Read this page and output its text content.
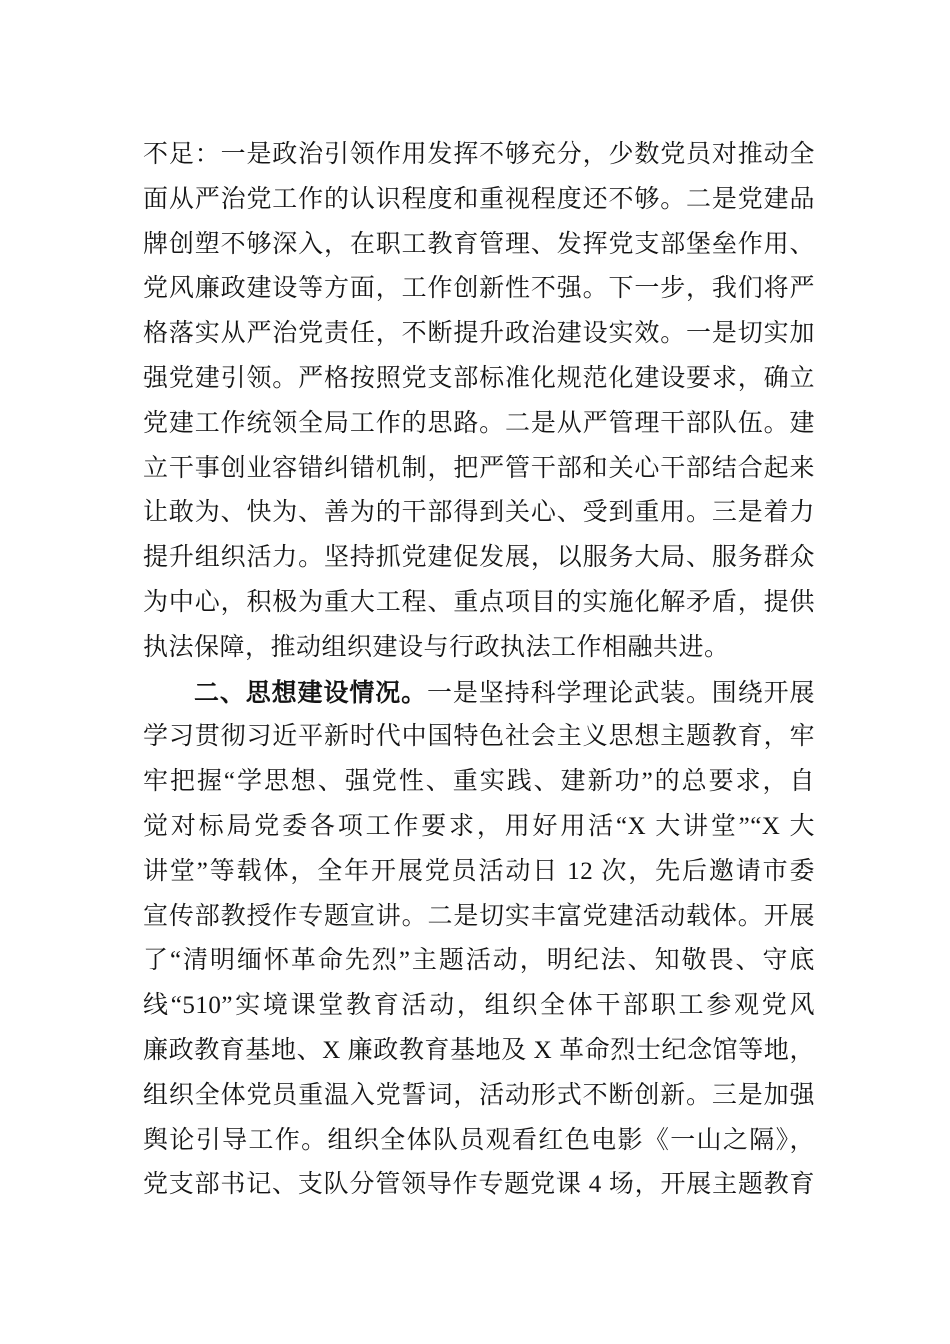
不足：一是政治引领作用发挥不够充分，少数党员对推动全
面从严治党工作的认识程度和重视程度还不够。二是党建品
牌创塑不够深入，在职工教育管理、发挥党支部堡垒作用、
党风廉政建设等方面，工作创新性不强。下一步，我们将严
格落实从严治党责任，不断提升政治建设实效。一是切实加
强党建引领。严格按照党支部标准化规范化建设要求，确立
党建工作统领全局工作的思路。二是从严管理干部队伍。建
立干事创业容错纠错机制，把严管干部和关心干部结合起来
让敢为、快为、善为的干部得到关心、受到重用。三是着力
提升组织活力。坚持抓党建促发展，以服务大局、服务群众
为中心，积极为重大工程、重点项目的实施化解矛盾，提供
执法保障，推动组织建设与行政执法工作相融共进。
二、思想建设情况。一是坚持科学理论武装。围绕开展
学习贯彻习近平新时代中国特色社会主义思想主题教育，牢
牢把握“学思想、强党性、重实践、建新功”的总要求，自
觉对标局党委各项工作要求，用好用活“X 大讲堂”“X 大
讲堂”等载体，全年开展党员活动日 12 次，先后邀请市委
宣传部教授作专题宣讲。二是切实丰富党建活动载体。开展
了“清明缅怀革命先烈”主题活动，明纪法、知敬畏、守底
线“510”实境课堂教育活动，组织全体干部职工参观党风
廉政教育基地、X 廉政教育基地及 X 革命烈士纪念馆等地，
组织全体党员重温入党誓词，活动形式不断创新。三是加强
舆论引导工作。组织全体队员观看红色电影《一山之隔》，
党支部书记、支队分管领导作专题党课 4 场，开展主题教育
